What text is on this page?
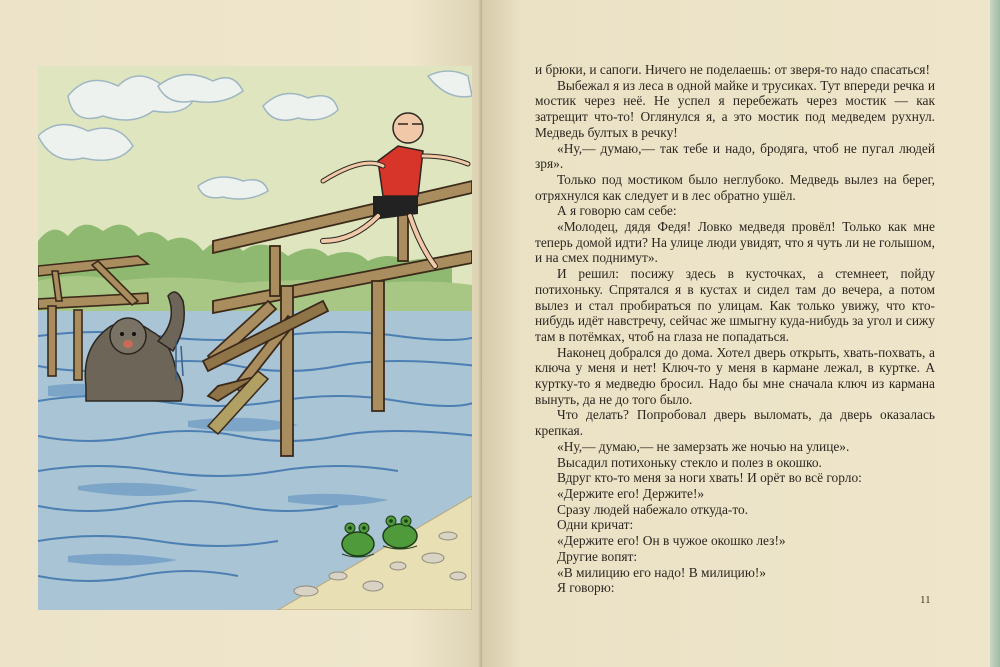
и брюки, и сапоги. Ничего не поделаешь: от зверя-то надо спасаться!

Выбежал я из леса в одной майке и трусиках. Тут впереди речка и мостик через неё. Не успел я перебежать через мостик — как затрещит что-то! Оглянулся я, а это мостик под медведем рухнул. Медведь бултых в речку!

«Ну,— думаю,— так тебе и надо, бродяга, чтоб не пугал людей зря».

Только под мостиком было неглубоко. Медведь вылез на берег, отряхнулся как следует и в лес обратно ушёл.

А я говорю сам себе:

«Молодец, дядя Федя! Ловко медведя провёл! Только как мне теперь домой идти? На улице люди увидят, что я чуть ли не голышом, и на смех поднимут».

И решил: посижу здесь в кусточках, а стемнеет, пойду потихоньку. Спрятался я в кустах и сидел там до вечера, а потом вылез и стал пробираться по улицам. Как только увижу, что кто-нибудь идёт навстречу, сейчас же шмыгну куда-нибудь за угол и сижу там в потёмках, чтоб на глаза не попадаться.

Наконец добрался до дома. Хотел дверь открыть, хвать-похвать, а ключа у меня и нет! Ключ-то у меня в кармане лежал, в куртке. А куртку-то я медведю бросил. Надо бы мне сначала ключ из кармана вынуть, да не до того было.

Что делать? Попробовал дверь выломать, да дверь оказалась крепкая.

«Ну,— думаю,— не замерзать же ночью на улице».

Высадил потихоньку стекло и полез в окошко.

Вдруг кто-то меня за ноги хвать! И орёт во всё горло:

«Держите его! Держите!»

Сразу людей набежало откуда-то.

Одни кричат:

«Держите его! Он в чужое окошко лез!»

Другие вопят:

«В милицию его надо! В милицию!»

Я говорю:

11
